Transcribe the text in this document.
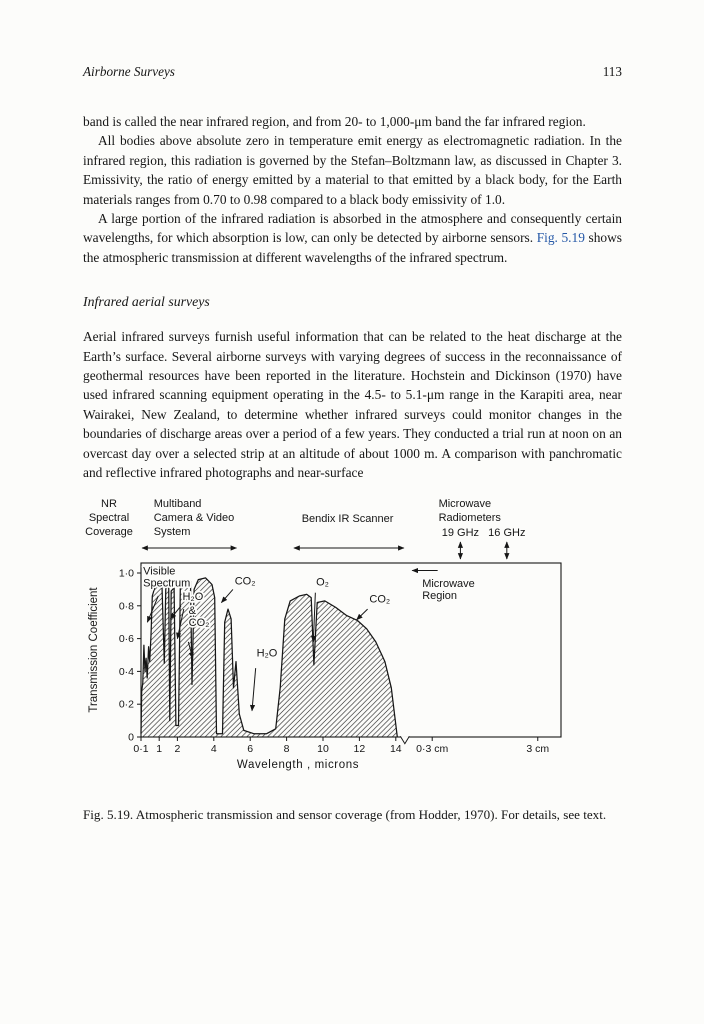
Airborne Surveys	113

band is called the near infrared region, and from 20- to 1,000-μm band the far infrared region.

All bodies above absolute zero in temperature emit energy as electromagnetic radiation. In the infrared region, this radiation is governed by the Stefan–Boltzmann law, as discussed in Chapter 3. Emissivity, the ratio of energy emitted by a material to that emitted by a black body, for the Earth materials ranges from 0.70 to 0.98 compared to a black body emissivity of 1.0.

A large portion of the infrared radiation is absorbed in the atmosphere and consequently certain wavelengths, for which absorption is low, can only be detected by airborne sensors. Fig. 5.19 shows the atmospheric transmission at different wavelengths of the infrared spectrum.

Infrared aerial surveys

Aerial infrared surveys furnish useful information that can be related to the heat discharge at the Earth’s surface. Several airborne surveys with varying degrees of success in the reconnaissance of geothermal resources have been reported in the literature. Hochstein and Dickinson (1970) have used infrared scanning equipment operating in the 4.5- to 5.1-μm range in the Karapiti area, near Wairakei, New Zealand, to determine whether infrared surveys could monitor changes in the boundaries of discharge areas over a period of a few years. They conducted a trial run at noon on an overcast day over a selected strip at an altitude of about 1000 m. A comparison with panchromatic and reflective infrared photographs and near-surface

0·1 1 2	4	6	8	10 12 14 0·3 cm	3 cm
Wavelength , microns
0
0·2
0·4
0·6
0·8
1·0
Transmission Coefficient
Visible
Spectrum
H₂O
&
CO₂
CO₂
H₂O
O₂
CO₂
Microwave
Region
NR
Spectral
Coverage
Multiband
Camera & Video
System
Bendix IR Scanner
Microwave
Radiometers
19 GHz 16 GHz
Fig. 5.19. Atmospheric transmission and sensor coverage (from Hodder, 1970). For details, see text.
